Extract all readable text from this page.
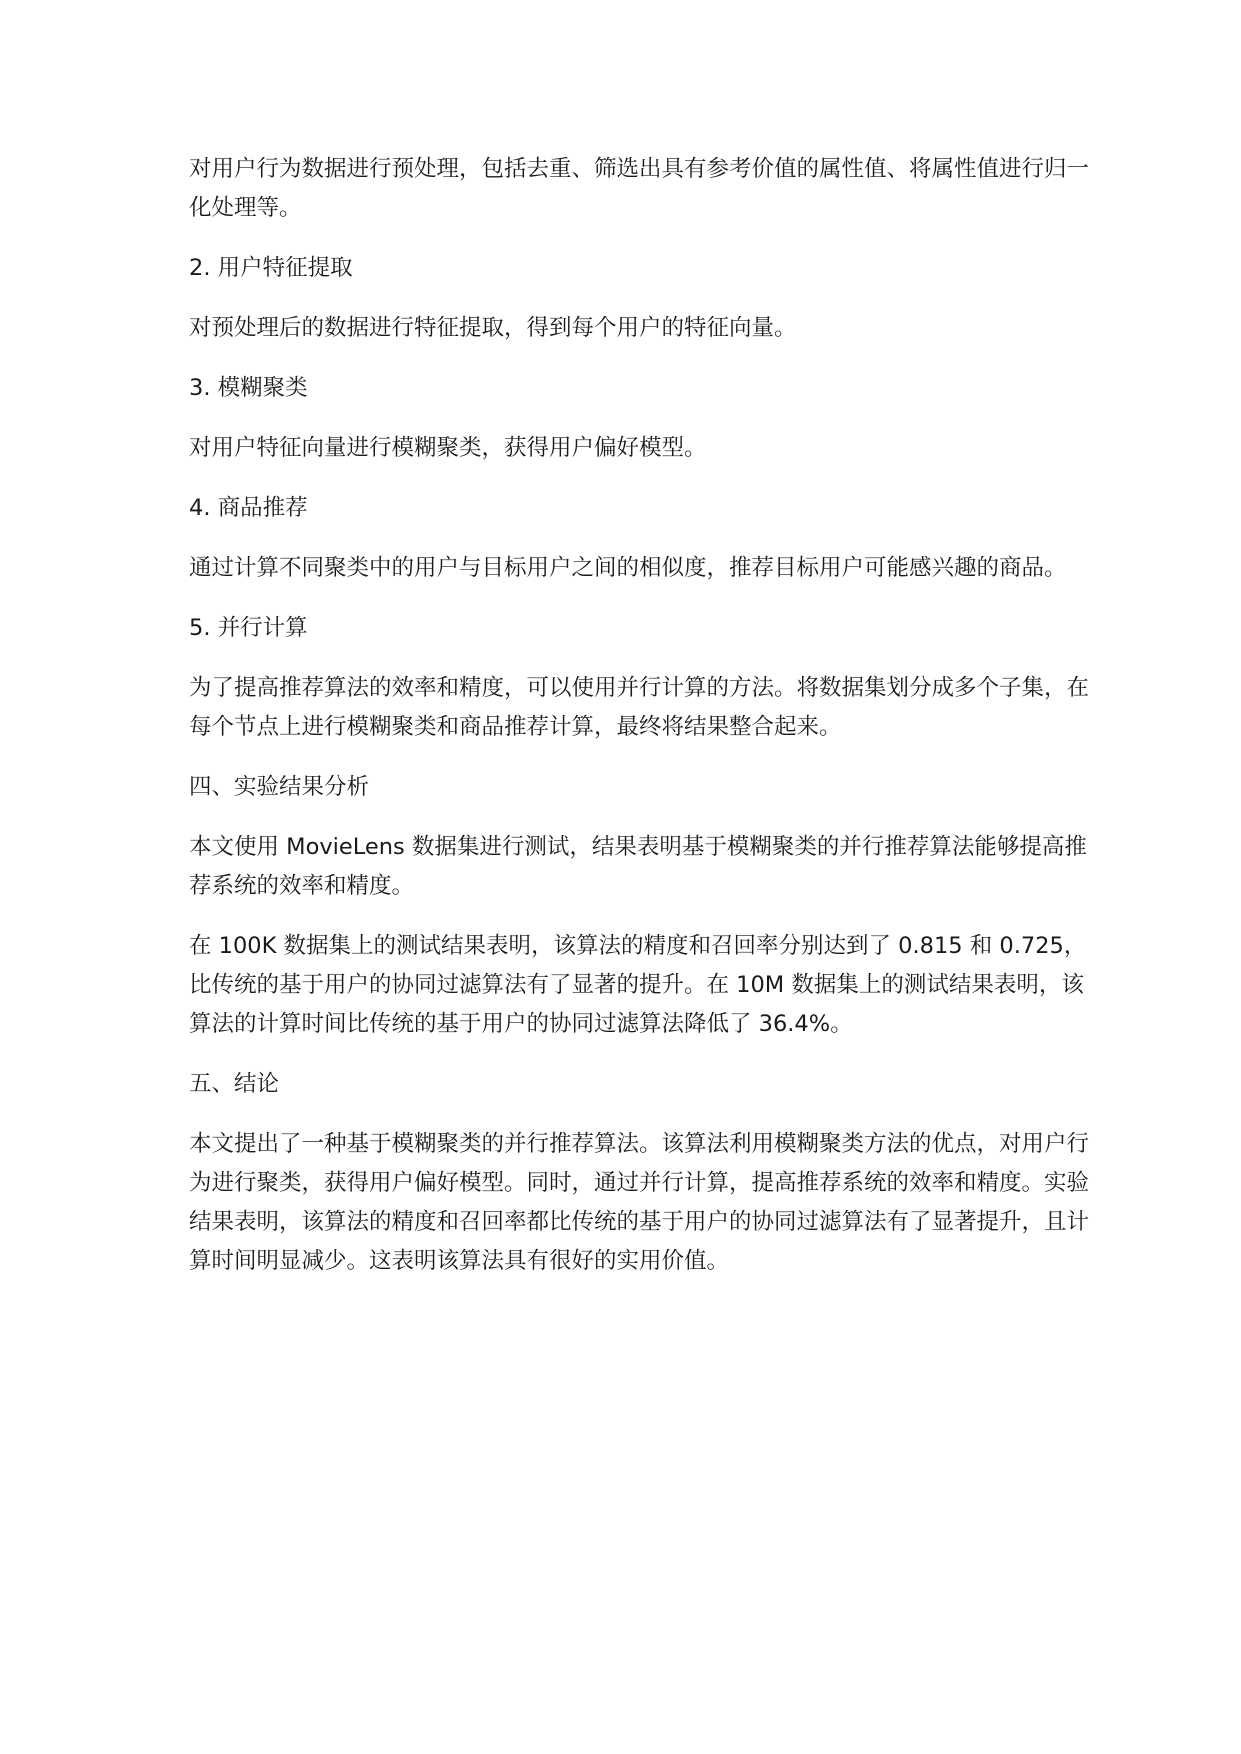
对用户行为数据进行预处理，包括去重、筛选出具有参考价值的属性值、将属性值进行归一化处理等。

2. 用户特征提取

对预处理后的数据进行特征提取，得到每个用户的特征向量。

3. 模糊聚类

对用户特征向量进行模糊聚类，获得用户偏好模型。

4. 商品推荐

通过计算不同聚类中的用户与目标用户之间的相似度，推荐目标用户可能感兴趣的商品。

5. 并行计算

为了提高推荐算法的效率和精度，可以使用并行计算的方法。将数据集划分成多个子集，在每个节点上进行模糊聚类和商品推荐计算，最终将结果整合起来。

四、实验结果分析

本文使用 MovieLens 数据集进行测试，结果表明基于模糊聚类的并行推荐算法能够提高推荐系统的效率和精度。

在 100K 数据集上的测试结果表明，该算法的精度和召回率分别达到了 0.815 和 0.725，比传统的基于用户的协同过滤算法有了显著的提升。在 10M 数据集上的测试结果表明，该算法的计算时间比传统的基于用户的协同过滤算法降低了 36.4%。

五、结论

本文提出了一种基于模糊聚类的并行推荐算法。该算法利用模糊聚类方法的优点，对用户行为进行聚类，获得用户偏好模型。同时，通过并行计算，提高推荐系统的效率和精度。实验结果表明，该算法的精度和召回率都比传统的基于用户的协同过滤算法有了显著提升，且计算时间明显减少。这表明该算法具有很好的实用价值。
